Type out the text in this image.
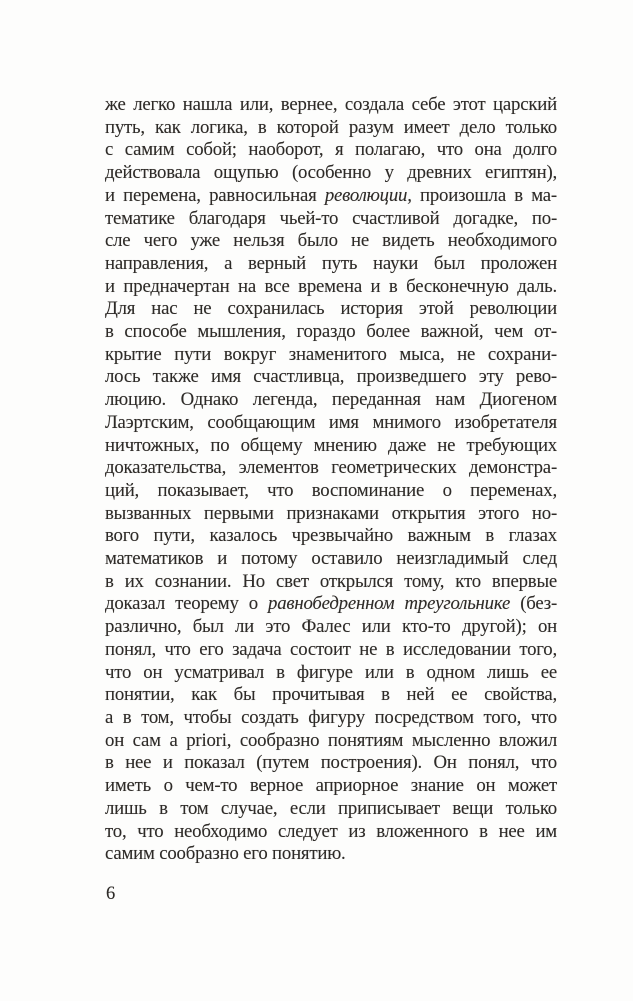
же легко нашла или, вернее, создала себе этот царский
путь, как логика, в которой разум имеет дело только
с самим собой; наоборот, я полагаю, что она долго
действовала ощупью (особенно у древних египтян),
и перемена, равносильная революции, произошла в ма-
тематике благодаря чьей-то счастливой догадке, по-
сле чего уже нельзя было не видеть необходимого
направления, а верный путь науки был проложен
и предначертан на все времена и в бесконечную даль.
Для нас не сохранилась история этой революции
в способе мышления, гораздо более важной, чем от-
крытие пути вокруг знаменитого мыса, не сохрани-
лось также имя счастливца, произведшего эту рево-
люцию. Однако легенда, переданная нам Диогеном
Лаэртским, сообщающим имя мнимого изобретателя
ничтожных, по общему мнению даже не требующих
доказательства, элементов геометрических демонстра-
ций, показывает, что воспоминание о переменах,
вызванных первыми признаками открытия этого но-
вого пути, казалось чрезвычайно важным в глазах
математиков и потому оставило неизгладимый след
в их сознании. Но свет открылся тому, кто впервые
доказал теорему о равнобедренном треугольнике (без-
различно, был ли это Фалес или кто-то другой); он
понял, что его задача состоит не в исследовании того,
что он усматривал в фигуре или в одном лишь ее
понятии, как бы прочитывая в ней ее свойства,
а в том, чтобы создать фигуру посредством того, что
он сам a priori, сообразно понятиям мысленно вложил
в нее и показал (путем построения). Он понял, что
иметь о чем-то верное априорное знание он может
лишь в том случае, если приписывает вещи только
то, что необходимо следует из вложенного в нее им
самим сообразно его понятию.
6
